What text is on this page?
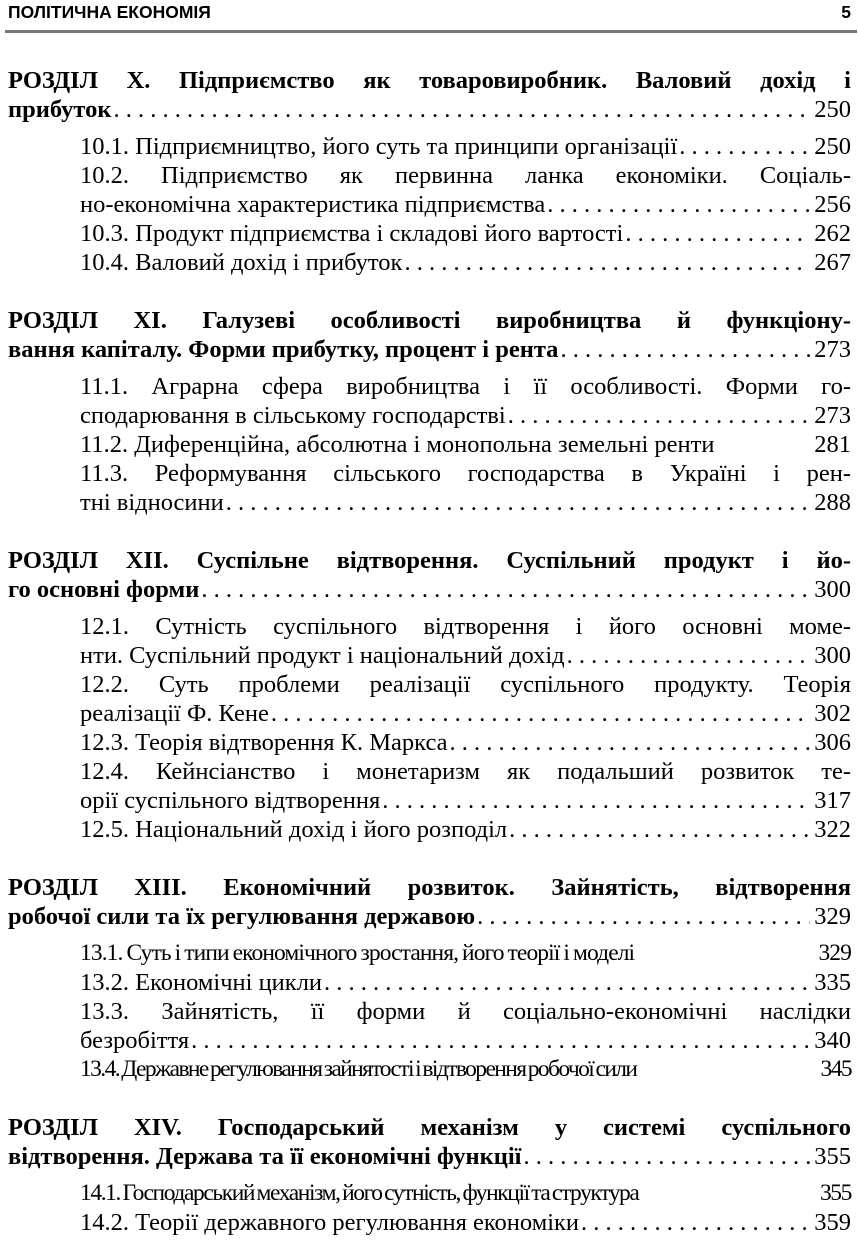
ПОЛІТИЧНА ЕКОНОМІЯ	5
РОЗДІЛ X. Підприємство як товаровиробник. Валовий дохід і
прибуток . . .	250
10.1. Підприємництво, його суть та принципи організації . . .	250
10.2. Підприємство як первинна ланка економіки. Соціаль-
но-економічна характеристика підприємства . . .	256
10.3. Продукт підприємства і складові його вартості . . .	262
10.4. Валовий дохід і прибуток . . .	267
РОЗДІЛ XI. Галузеві особливості виробництва й функціону-
вання капіталу. Форми прибутку, процент і рента . . .	273
11.1. Аграрна сфера виробництва і її особливості. Форми го-
сподарювання в сільському господарстві . . .	273
11.2. Диференційна, абсолютна і монопольна земельні ренти	281
11.3. Реформування сільського господарства в Україні і рен-
тні відносини . . .	288
РОЗДІЛ XII. Суспільне відтворення. Суспільний продукт і йо-
го основні форми . . .	300
12.1. Сутність суспільного відтворення і його основні моме-
нти. Суспільний продукт і національний дохід . . .	300
12.2. Суть проблеми реалізації суспільного продукту. Теорія
реалізації Ф. Кене . . .	302
12.3. Теорія відтворення К. Маркса . . .	306
12.4. Кейнсіанство і монетаризм як подальший розвиток те-
орії суспільного відтворення . . .	317
12.5. Національний дохід і його розподіл . . .	322
РОЗДІЛ XIII. Економічний розвиток. Зайнятість, відтворення
робочої сили та їх регулювання державою . . .	329
13.1. Суть і типи економічного зростання, його теорії і моделі	329
13.2. Економічні цикли . . .	335
13.3. Зайнятість, її форми й соціально-економічні наслідки
безробіття . . .	340
13.4. Державне регулювання зайнятості і відтворення робочої сили	345
РОЗДІЛ XIV. Господарський механізм у системі суспільного
відтворення. Держава та її економічні функції . . .	355
14.1. Господарський механізм, його сутність, функції та структура	355
14.2. Теорії державного регулювання економіки . . .	359
